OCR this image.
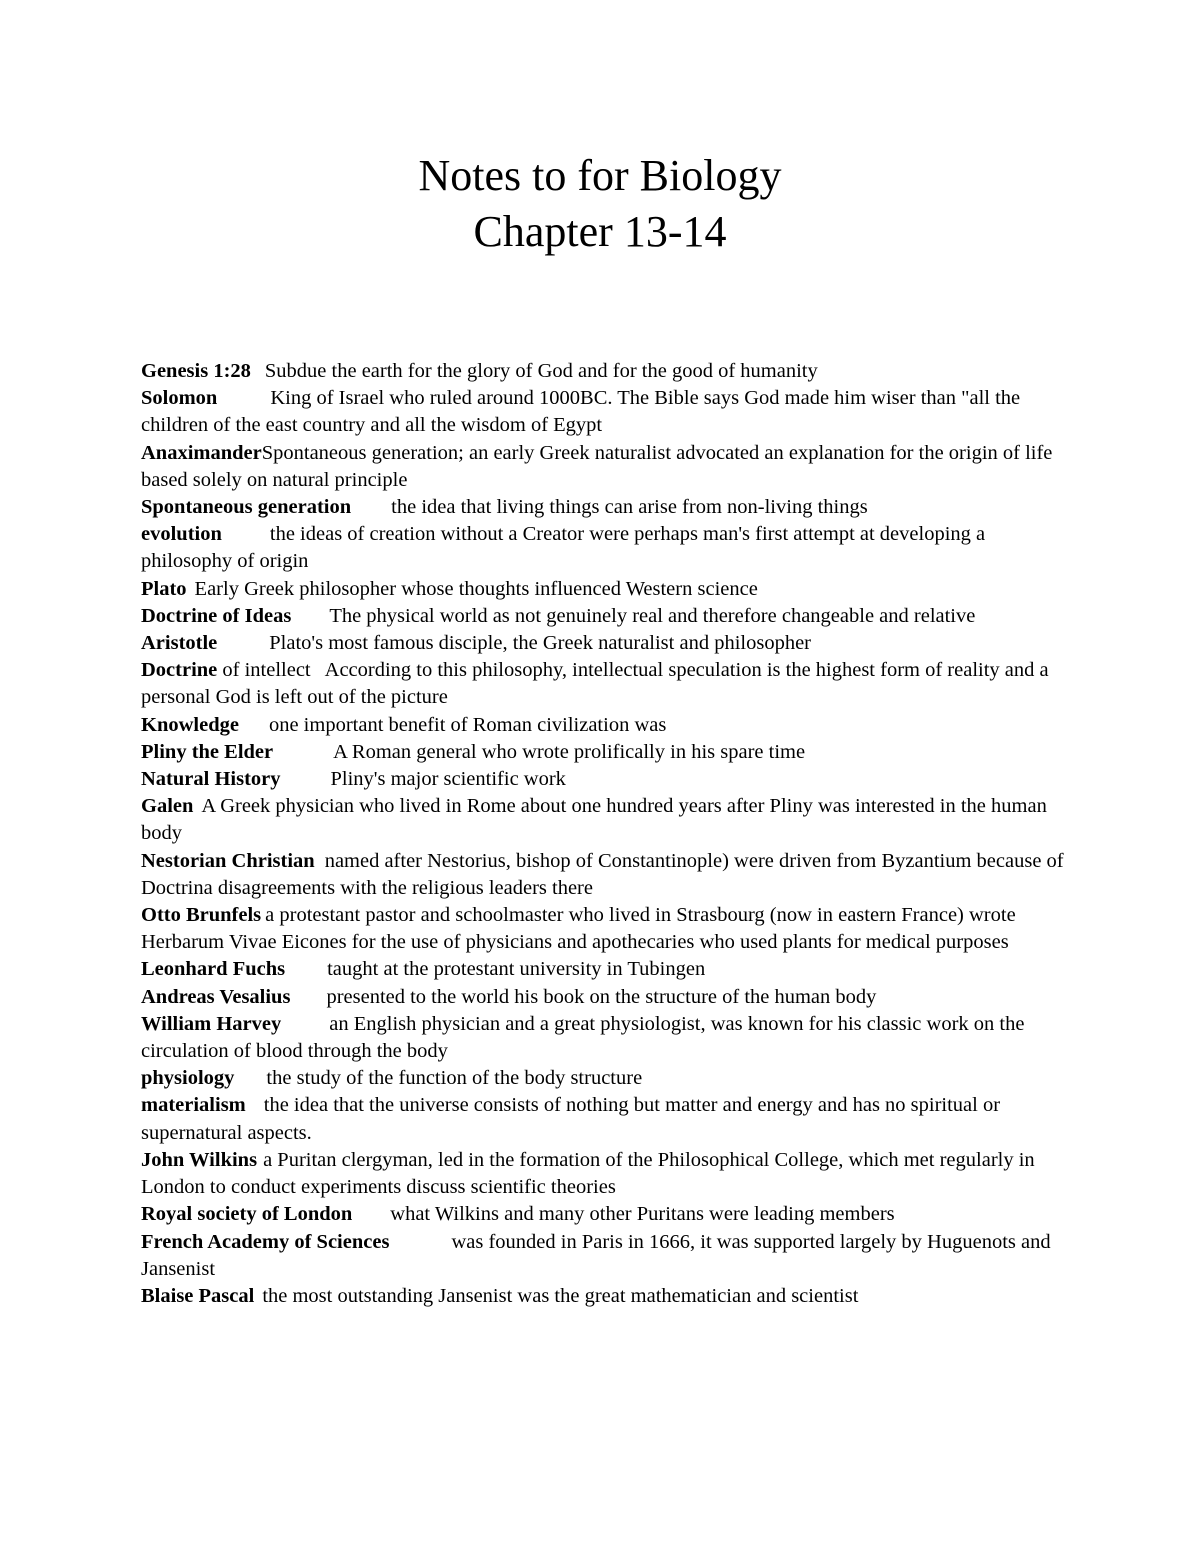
Notes to for Biology
Chapter 13-14

Genesis 1:28 Subdue the earth for the glory of God and for the good of humanity

Solomon	King of Israel who ruled around 1000BC. The Bible says God made him wiser than "all the children of the east country and all the wisdom of Egypt

AnaximanderSpontaneous generation; an early Greek naturalist advocated an explanation for the origin of life based solely on natural principle

Spontaneous generation the idea that living things can arise from non-living things

evolution the ideas of creation without a Creator were perhaps man's first attempt at developing a philosophy of origin

Plato Early Greek philosopher whose thoughts influenced Western science

Doctrine of Ideas The physical world as not genuinely real and therefore changeable and relative

Aristotle	Plato's most famous disciple, the Greek naturalist and philosopher

Doctrine of intellect According to this philosophy, intellectual speculation is the highest form of reality and a personal God is left out of the picture

Knowledge one important benefit of Roman civilization was

Pliny the Elder	A Roman general who wrote prolifically in his spare time

Natural History Pliny's major scientific work

Galen A Greek physician who lived in Rome about one hundred years after Pliny was interested in the human body

Nestorian Christian named after Nestorius, bishop of Constantinople) were driven from Byzantium because of Doctrina disagreements with the religious leaders there

Otto Brunfels a protestant pastor and schoolmaster who lived in Strasbourg (now in eastern France) wrote Herbarum Vivae Eicones for the use of physicians and apothecaries who used plants for medical purposes

Leonhard Fuchs taught at the protestant university in Tubingen

Andreas Vesalius presented to the world his book on the structure of the human body

William Harvey an English physician and a great physiologist, was known for his classic work on the circulation of blood through the body

physiology the study of the function of the body structure

materialism the idea that the universe consists of nothing but matter and energy and has no spiritual or supernatural aspects.

John Wilkins a Puritan clergyman, led in the formation of the Philosophical College, which met regularly in London to conduct experiments discuss scientific theories

Royal society of London what Wilkins and many other Puritans were leading members

French Academy of Sciences	was founded in Paris in 1666, it was supported largely by Huguenots and Jansenist

Blaise Pascal the most outstanding Jansenist was the great mathematician and scientist
